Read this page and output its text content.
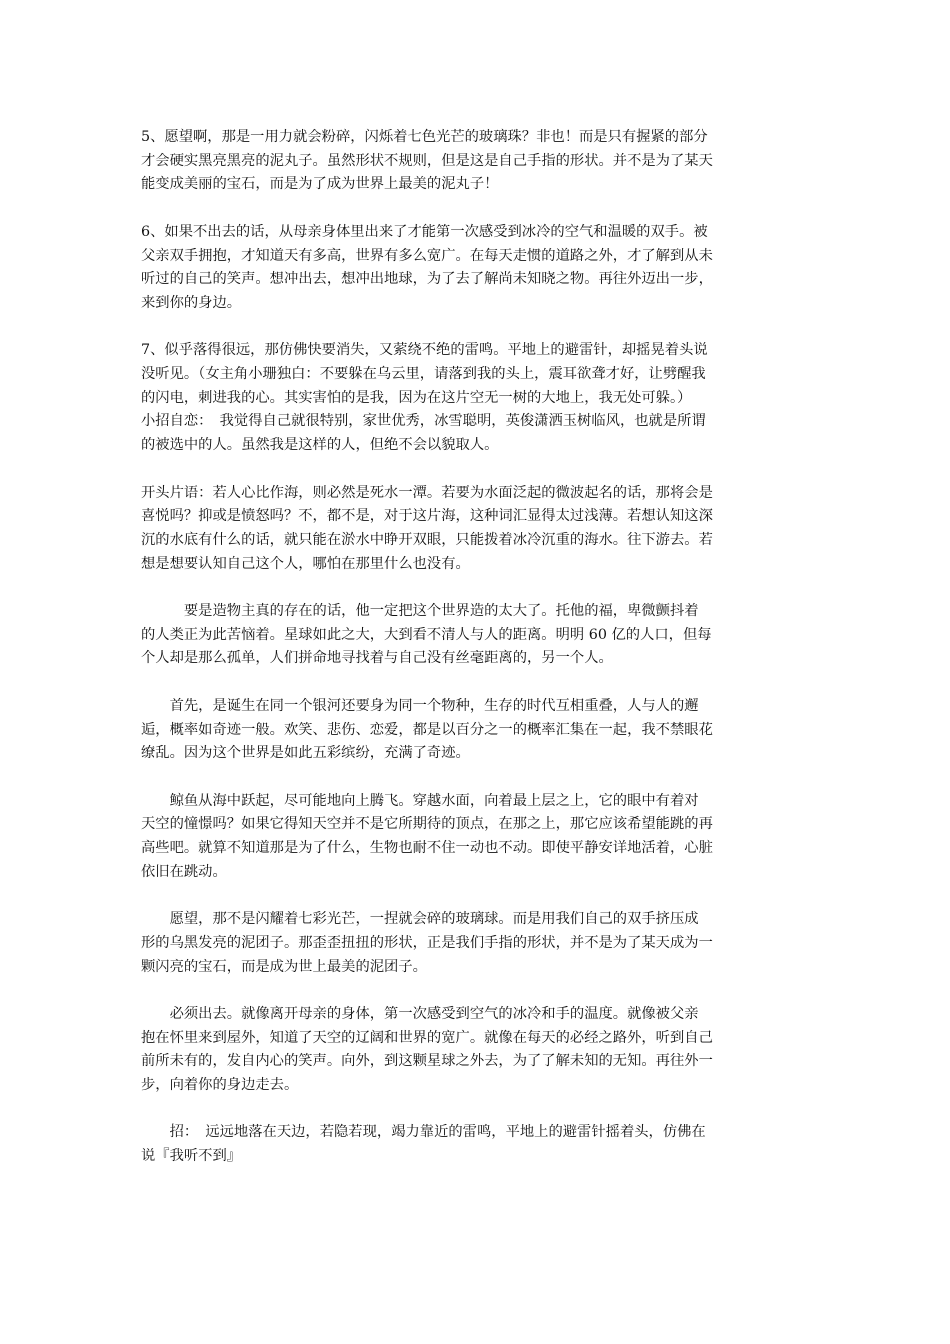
5、愿望啊，那是一用力就会粉碎，闪烁着七色光芒的玻璃珠？非也！而是只有握紧的部分
才会硬实黑亮黑亮的泥丸子。虽然形状不规则，但是这是自己手指的形状。并不是为了某天
能变成美丽的宝石，而是为了成为世界上最美的泥丸子！

6、如果不出去的话，从母亲身体里出来了才能第一次感受到冰冷的空气和温暖的双手。被
父亲双手拥抱，才知道天有多高，世界有多么宽广。在每天走惯的道路之外，才了解到从未
听过的自己的笑声。想冲出去，想冲出地球，为了去了解尚未知晓之物。再往外迈出一步，
来到你的身边。

7、似乎落得很远，那仿佛快要消失，又萦绕不绝的雷鸣。平地上的避雷针，却摇晃着头说
没听见。（女主角小珊独白：不要躲在乌云里，请落到我的头上，震耳欲聋才好，让劈醒我
的闪电，刺进我的心。其实害怕的是我，因为在这片空无一树的大地上，我无处可躲。）
小招自恋：　我觉得自己就很特别，家世优秀，冰雪聪明，英俊潇洒玉树临风，也就是所谓
的被选中的人。虽然我是这样的人，但绝不会以貌取人。

开头片语：若人心比作海，则必然是死水一潭。若要为水面泛起的微波起名的话，那将会是
喜悦吗？抑或是愤怒吗？不，都不是，对于这片海，这种词汇显得太过浅薄。若想认知这深
沉的水底有什么的话，就只能在淤水中睁开双眼，只能拨着冰冷沉重的海水。往下游去。若
想是想要认知自己这个人，哪怕在那里什么也没有。

　　　要是造物主真的存在的话，他一定把这个世界造的太大了。托他的福，卑微颤抖着
的人类正为此苦恼着。星球如此之大，大到看不清人与人的距离。明明 60 亿的人口，但每
个人却是那么孤单，人们拼命地寻找着与自己没有丝毫距离的，另一个人。

　　首先，是诞生在同一个银河还要身为同一个物种，生存的时代互相重叠，人与人的邂
逅，概率如奇迹一般。欢笑、悲伤、恋爱，都是以百分之一的概率汇集在一起，我不禁眼花
缭乱。因为这个世界是如此五彩缤纷，充满了奇迹。

　　鲸鱼从海中跃起，尽可能地向上腾飞。穿越水面，向着最上层之上，它的眼中有着对
天空的憧憬吗？如果它得知天空并不是它所期待的顶点，在那之上，那它应该希望能跳的再
高些吧。就算不知道那是为了什么，生物也耐不住一动也不动。即使平静安详地活着，心脏
依旧在跳动。

　　愿望，那不是闪耀着七彩光芒，一捏就会碎的玻璃球。而是用我们自己的双手挤压成
形的乌黑发亮的泥团子。那歪歪扭扭的形状，正是我们手指的形状，并不是为了某天成为一
颗闪亮的宝石，而是成为世上最美的泥团子。

　　必须出去。就像离开母亲的身体，第一次感受到空气的冰冷和手的温度。就像被父亲
抱在怀里来到屋外，知道了天空的辽阔和世界的宽广。就像在每天的必经之路外，听到自己
前所未有的，发自内心的笑声。向外，到这颗星球之外去，为了了解未知的无知。再往外一
步，向着你的身边走去。

　　招：　远远地落在天边，若隐若现，竭力靠近的雷鸣，平地上的避雷针摇着头，仿佛在
说『我听不到』
